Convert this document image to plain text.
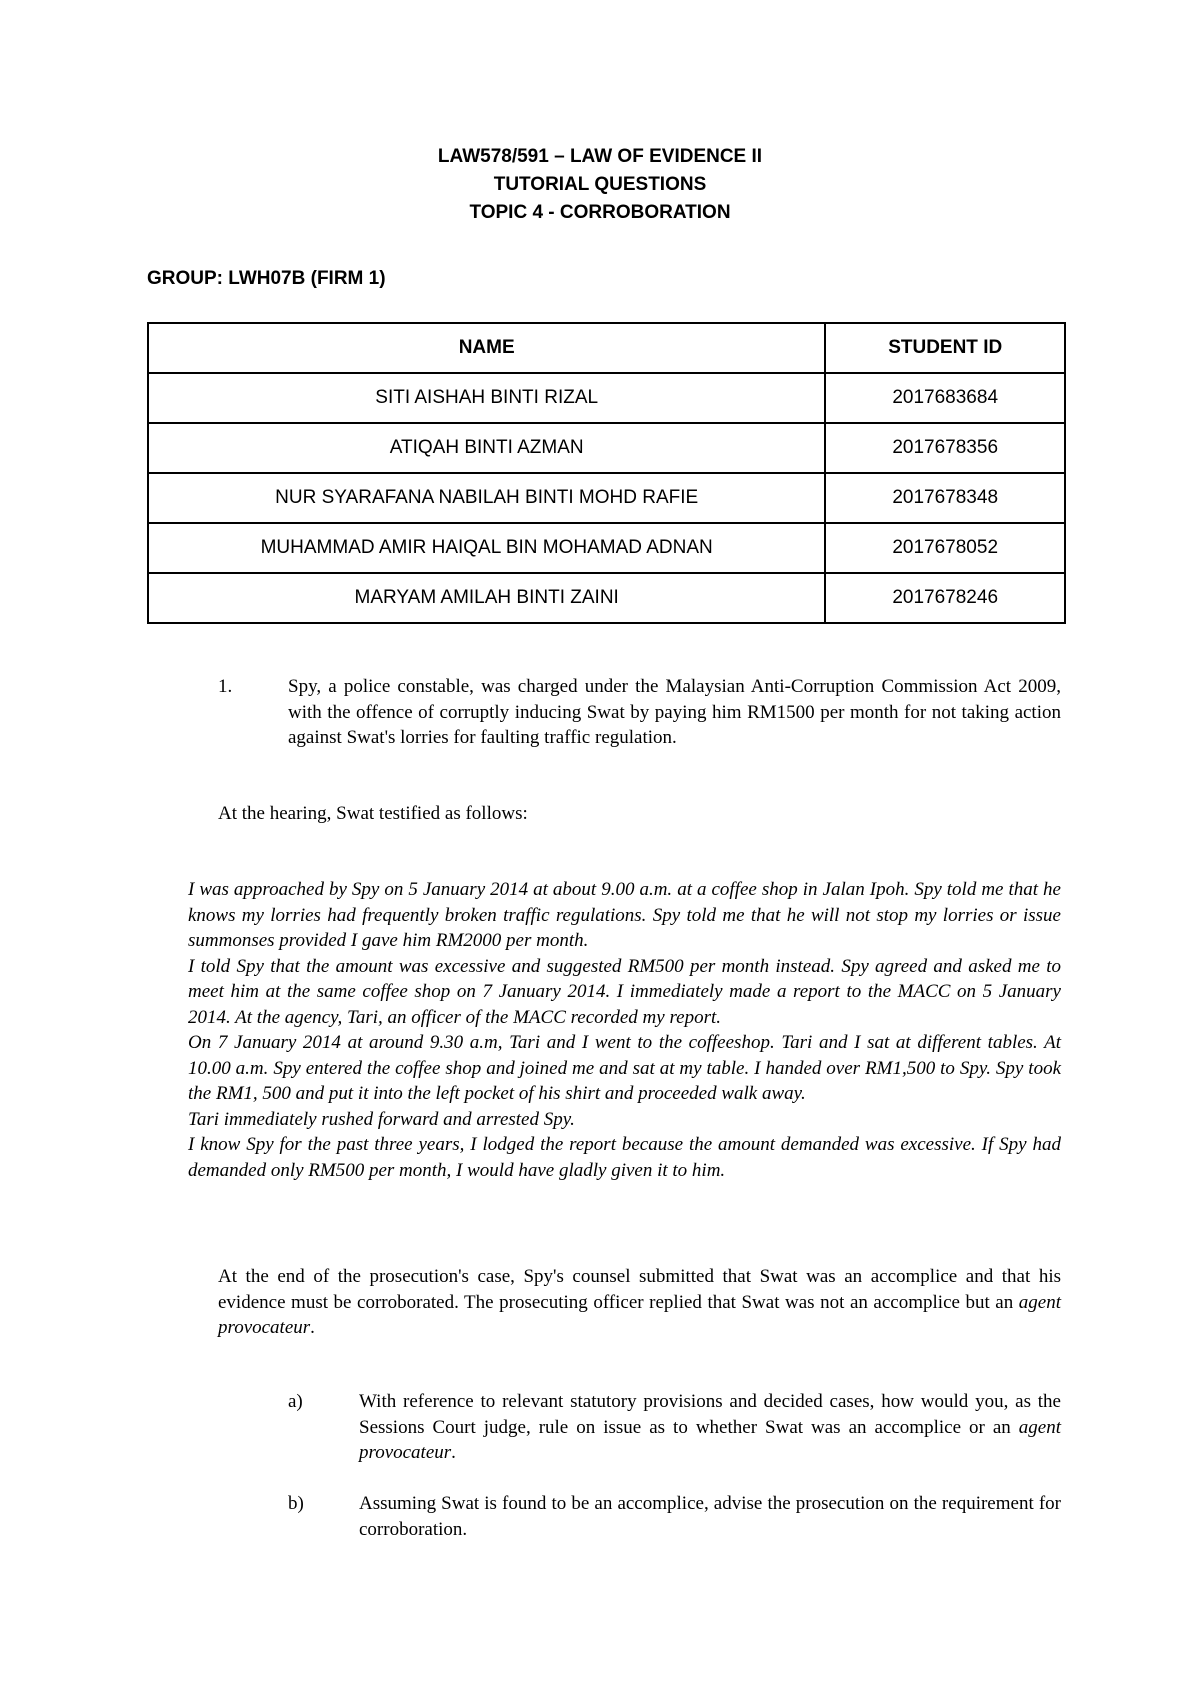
LAW578/591 – LAW OF EVIDENCE II
TUTORIAL QUESTIONS
TOPIC 4 - CORROBORATION
GROUP: LWH07B (FIRM 1)
NAME	STUDENT ID
SITI AISHAH BINTI RIZAL	2017683684
ATIQAH BINTI AZMAN	2017678356
NUR SYARAFANA NABILAH BINTI MOHD RAFIE	2017678348
MUHAMMAD AMIR HAIQAL BIN MOHAMAD ADNAN	2017678052
MARYAM AMILAH BINTI ZAINI	2017678246
1.	Spy, a police constable, was charged under the Malaysian Anti-Corruption Commission Act 2009, with the offence of corruptly inducing Swat by paying him RM1500 per month for not taking action against Swat's lorries for faulting traffic regulation.
At the hearing, Swat testified as follows:

I was approached by Spy on 5 January 2014 at about 9.00 a.m. at a coffee shop in Jalan Ipoh. Spy told me that he knows my lorries had frequently broken traffic regulations. Spy told me that he will not stop my lorries or issue summonses provided I gave him RM2000 per month.

I told Spy that the amount was excessive and suggested RM500 per month instead. Spy agreed and asked me to meet him at the same coffee shop on 7 January 2014. I immediately made a report to the MACC on 5 January 2014. At the agency, Tari, an officer of the MACC recorded my report.

On 7 January 2014 at around 9.30 a.m, Tari and I went to the coffeeshop. Tari and I sat at different tables. At 10.00 a.m. Spy entered the coffee shop and joined me and sat at my table. I handed over RM1,500 to Spy. Spy took the RM1, 500 and put it into the left pocket of his shirt and proceeded walk away.

Tari immediately rushed forward and arrested Spy.

I know Spy for the past three years, I lodged the report because the amount demanded was excessive. If Spy had demanded only RM500 per month, I would have gladly given it to him.

At the end of the prosecution's case, Spy's counsel submitted that Swat was an accomplice and that his evidence must be corroborated. The prosecuting officer replied that Swat was not an accomplice but an agent provocateur.
a)	With reference to relevant statutory provisions and decided cases, how would you, as the Sessions Court judge, rule on issue as to whether Swat was an accomplice or an agent provocateur.
b)	Assuming Swat is found to be an accomplice, advise the prosecution on the requirement for corroboration.
